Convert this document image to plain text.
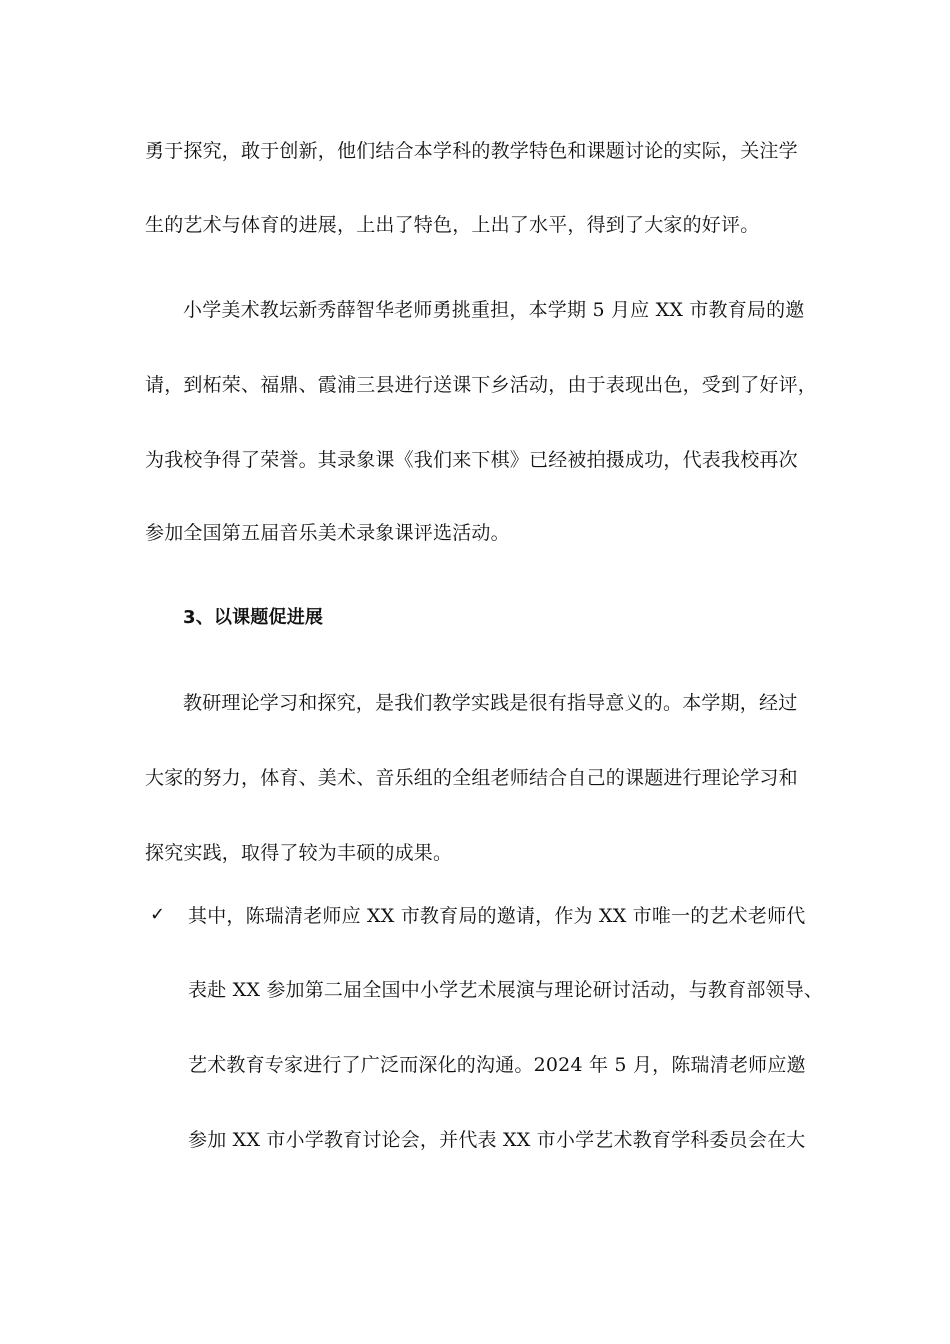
勇于探究，敢于创新，他们结合本学科的教学特色和课题讨论的实际，关注学
生的艺术与体育的进展，上出了特色，上出了水平，得到了大家的好评。
小学美术教坛新秀薛智华老师勇挑重担，本学期 5 月应 XX 市教育局的邀
请，到柘荣、福鼎、霞浦三县进行送课下乡活动，由于表现出色，受到了好评，
为我校争得了荣誉。其录象课《我们来下棋》已经被拍摄成功，代表我校再次
参加全国第五届音乐美术录象课评选活动。
3、以课题促进展
教研理论学习和探究，是我们教学实践是很有指导意义的。本学期，经过
大家的努力，体育、美术、音乐组的全组老师结合自己的课题进行理论学习和
探究实践，取得了较为丰硕的成果。
✓ 其中，陈瑞清老师应 XX 市教育局的邀请，作为 XX 市唯一的艺术老师代
表赴 XX 参加第二届全国中小学艺术展演与理论研讨活动，与教育部领导、
艺术教育专家进行了广泛而深化的沟通。2024 年 5 月，陈瑞清老师应邀
参加 XX 市小学教育讨论会，并代表 XX 市小学艺术教育学科委员会在大
